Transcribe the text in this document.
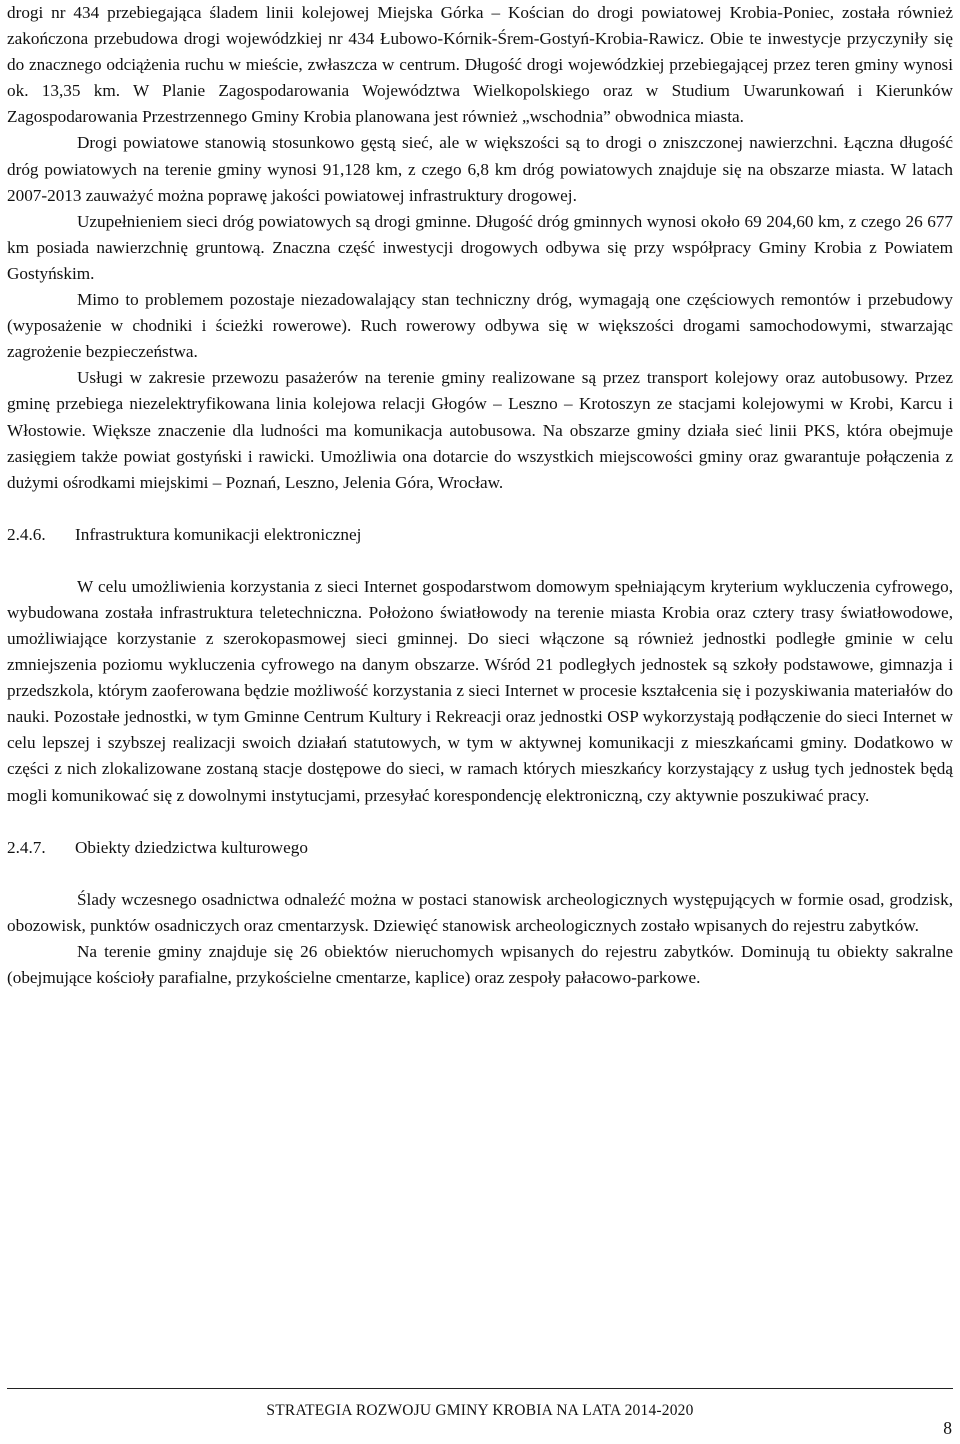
drogi nr 434 przebiegająca śladem linii kolejowej Miejska Górka – Kościan do drogi powiatowej Krobia-Poniec, została również zakończona przebudowa drogi wojewódzkiej nr 434 Łubowo-Kórnik-Śrem-Gostyń-Krobia-Rawicz. Obie te inwestycje przyczyniły się do znacznego odciążenia ruchu w mieście, zwłaszcza w centrum. Długość drogi wojewódzkiej przebiegającej przez teren gminy wynosi ok. 13,35 km. W Planie Zagospodarowania Województwa Wielkopolskiego oraz w Studium Uwarunkowań i Kierunków Zagospodarowania Przestrzennego Gminy Krobia planowana jest również „wschodnia” obwodnica miasta.

Drogi powiatowe stanowią stosunkowo gęstą sieć, ale w większości są to drogi o zniszczonej nawierzchni. Łączna długość dróg powiatowych na terenie gminy wynosi 91,128 km, z czego 6,8 km dróg powiatowych znajduje się na obszarze miasta. W latach 2007-2013 zauważyć można poprawę jakości powiatowej infrastruktury drogowej.

Uzupełnieniem sieci dróg powiatowych są drogi gminne. Długość dróg gminnych wynosi około 69 204,60 km, z czego 26 677 km posiada nawierzchnię gruntową. Znaczna część inwestycji drogowych odbywa się przy współpracy Gminy Krobia z Powiatem Gostyńskim.

Mimo to problemem pozostaje niezadowalający stan techniczny dróg, wymagają one częściowych remontów i przebudowy (wyposażenie w chodniki i ścieżki rowerowe). Ruch rowerowy odbywa się w większości drogami samochodowymi, stwarzając zagrożenie bezpieczeństwa.

Usługi w zakresie przewozu pasażerów na terenie gminy realizowane są przez transport kolejowy oraz autobusowy. Przez gminę przebiega niezelektryfikowana linia kolejowa relacji Głogów – Leszno – Krotoszyn ze stacjami kolejowymi w Krobi, Karcu i Włostowie. Większe znaczenie dla ludności ma komunikacja autobusowa. Na obszarze gminy działa sieć linii PKS, która obejmuje zasięgiem także powiat gostyński i rawicki. Umożliwia ona dotarcie do wszystkich miejscowości gminy oraz gwarantuje połączenia z dużymi ośrodkami miejskimi – Poznań, Leszno, Jelenia Góra, Wrocław.

2.4.6. Infrastruktura komunikacji elektronicznej

W celu umożliwienia korzystania z sieci Internet gospodarstwom domowym spełniającym kryterium wykluczenia cyfrowego, wybudowana została infrastruktura teletechniczna. Położono światłowody na terenie miasta Krobia oraz cztery trasy światłowodowe, umożliwiające korzystanie z szerokopasmowej sieci gminnej. Do sieci włączone są również jednostki podległe gminie w celu zmniejszenia poziomu wykluczenia cyfrowego na danym obszarze. Wśród 21 podległych jednostek są szkoły podstawowe, gimnazja i przedszkola, którym zaoferowana będzie możliwość korzystania z sieci Internet w procesie kształcenia się i pozyskiwania materiałów do nauki. Pozostałe jednostki, w tym Gminne Centrum Kultury i Rekreacji oraz jednostki OSP wykorzystają podłączenie do sieci Internet w celu lepszej i szybszej realizacji swoich działań statutowych, w tym w aktywnej komunikacji z mieszkańcami gminy. Dodatkowo w części z nich zlokalizowane zostaną stacje dostępowe do sieci, w ramach których mieszkańcy korzystający z usług tych jednostek będą mogli komunikować się z dowolnymi instytucjami, przesyłać korespondencję elektroniczną, czy aktywnie poszukiwać pracy.

2.4.7. Obiekty dziedzictwa kulturowego

Ślady wczesnego osadnictwa odnaleźć można w postaci stanowisk archeologicznych występujących w formie osad, grodzisk, obozowisk, punktów osadniczych oraz cmentarzysk. Dziewięć stanowisk archeologicznych zostało wpisanych do rejestru zabytków.

Na terenie gminy znajduje się 26 obiektów nieruchomych wpisanych do rejestru zabytków. Dominują tu obiekty sakralne (obejmujące kościoły parafialne, przykościelne cmentarze, kaplice) oraz zespoły pałacowo-parkowe.

STRATEGIA ROZWOJU GMINY KROBIA NA LATA 2014-2020
8
